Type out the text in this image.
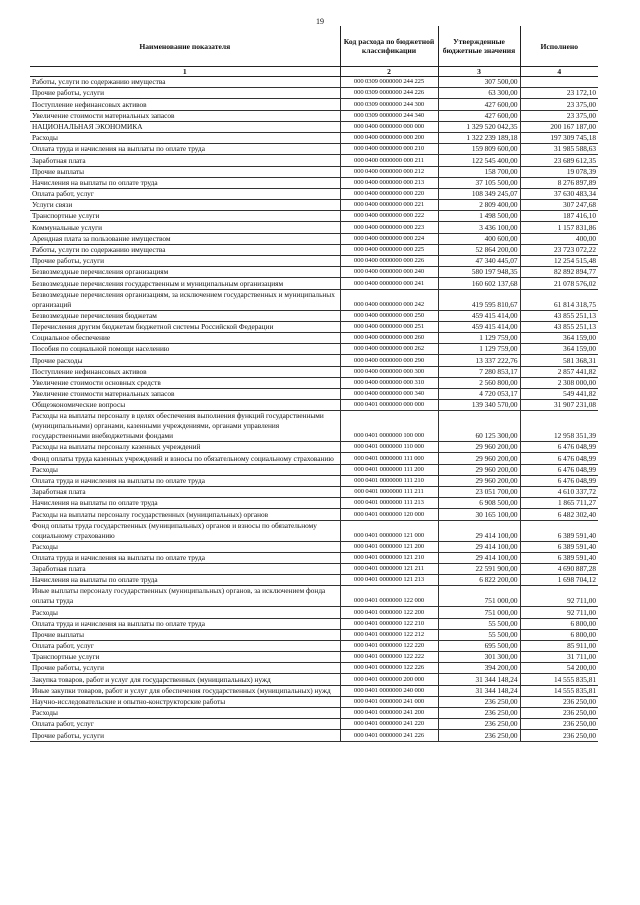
19
Наименование показателя	Код расхода по бюджетной классификации	Утвержденные бюджетные значения	Исполнено
1	2	3	4
Работы, услуги по содержанию имущества	000 0309 0000000 244 225	307 500,00	
Прочие работы, услуги	000 0309 0000000 244 226	63 300,00	23 172,10
Поступление нефинансовых активов	000 0309 0000000 244 300	427 600,00	23 375,00
Увеличение стоимости материальных запасов	000 0309 0000000 244 340	427 600,00	23 375,00
НАЦИОНАЛЬНАЯ ЭКОНОМИКА	000 0400 0000000 000 000	1 329 520 042,35	200 167 187,00
Расходы	000 0400 0000000 000 200	1 322 239 189,18	197 309 745,18
Оплата труда и начисления на выплаты по оплате труда	000 0400 0000000 000 210	159 809 600,00	31 985 588,63
Заработная плата	000 0400 0000000 000 211	122 545 400,00	23 689 612,35
Прочие выплаты	000 0400 0000000 000 212	158 700,00	19 078,39
Начисления на выплаты по оплате труда	000 0400 0000000 000 213	37 105 500,00	8 276 897,89
Оплата работ, услуг	000 0400 0000000 000 220	108 349 245,07	37 630 483,34
Услуги связи	000 0400 0000000 000 221	2 809 400,00	307 247,68
Транспортные услуги	000 0400 0000000 000 222	1 498 500,00	187 416,10
Коммунальные услуги	000 0400 0000000 000 223	3 436 100,00	1 157 831,86
Арендная плата за пользование имуществом	000 0400 0000000 000 224	400 600,00	400,00
Работы, услуги по содержанию имущества	000 0400 0000000 000 225	52 864 200,00	23 723 072,22
Прочие работы, услуги	000 0400 0000000 000 226	47 340 445,07	12 254 515,48
Безвозмездные перечисления организациям	000 0400 0000000 000 240	580 197 948,35	82 892 894,77
Безвозмездные перечисления государственным и муниципальным организациям	000 0400 0000000 000 241	160 602 137,68	21 078 576,02
Безвозмездные перечисления организациям, за исключением государственных и муниципальных организаций	000 0400 0000000 000 242	419 595 810,67	61 814 318,75
Безвозмездные перечисления бюджетам	000 0400 0000000 000 250	459 415 414,00	43 855 251,13
Перечисления другим бюджетам бюджетной системы Российской Федерации	000 0400 0000000 000 251	459 415 414,00	43 855 251,13
Социальное обеспечение	000 0400 0000000 000 260	1 129 759,00	364 159,00
Пособия по социальной помощи населению	000 0400 0000000 000 262	1 129 759,00	364 159,00
Прочие расходы	000 0400 0000000 000 290	13 337 222,76	581 368,31
Поступление нефинансовых активов	000 0400 0000000 000 300	7 280 853,17	2 857 441,82
Увеличение стоимости основных средств	000 0400 0000000 000 310	2 560 800,00	2 308 000,00
Увеличение стоимости материальных запасов	000 0400 0000000 000 340	4 720 053,17	549 441,82
Общеэкономические вопросы	000 0401 0000000 000 000	139 340 570,00	31 907 231,08
Расходы на выплаты персоналу в целях обеспечения выполнения функций государственными (муниципальными) органами, казенными учреждениями, органами управления государственными внебюджетными фондами	000 0401 0000000 100 000	60 125 300,00	12 958 351,39
Расходы на выплаты персоналу казенных учреждений	000 0401 0000000 110 000	29 960 200,00	6 476 048,99
Фонд оплаты труда казенных учреждений и взносы по обязательному социальному страхованию	000 0401 0000000 111 000	29 960 200,00	6 476 048,99
Расходы	000 0401 0000000 111 200	29 960 200,00	6 476 048,99
Оплата труда и начисления на выплаты по оплате труда	000 0401 0000000 111 210	29 960 200,00	6 476 048,99
Заработная плата	000 0401 0000000 111 211	23 051 700,00	4 610 337,72
Начисления на выплаты по оплате труда	000 0401 0000000 111 213	6 908 500,00	1 865 711,27
Расходы на выплаты персоналу государственных (муниципальных) органов	000 0401 0000000 120 000	30 165 100,00	6 482 302,40
Фонд оплаты труда государственных (муниципальных) органов и взносы по обязательному социальному страхованию	000 0401 0000000 121 000	29 414 100,00	6 389 591,40
Расходы	000 0401 0000000 121 200	29 414 100,00	6 389 591,40
Оплата труда и начисления на выплаты по оплате труда	000 0401 0000000 121 210	29 414 100,00	6 389 591,40
Заработная плата	000 0401 0000000 121 211	22 591 900,00	4 690 887,28
Начисления на выплаты по оплате труда	000 0401 0000000 121 213	6 822 200,00	1 698 704,12
Иные выплаты персоналу государственных (муниципальных) органов, за исключением фонда оплаты труда	000 0401 0000000 122 000	751 000,00	92 711,00
Расходы	000 0401 0000000 122 200	751 000,00	92 711,00
Оплата труда и начисления на выплаты по оплате труда	000 0401 0000000 122 210	55 500,00	6 800,00
Прочие выплаты	000 0401 0000000 122 212	55 500,00	6 800,00
Оплата работ, услуг	000 0401 0000000 122 220	695 500,00	85 911,00
Транспортные услуги	000 0401 0000000 122 222	301 300,00	31 711,00
Прочие работы, услуги	000 0401 0000000 122 226	394 200,00	54 200,00
Закупка товаров, работ и услуг для государственных (муниципальных) нужд	000 0401 0000000 200 000	31 344 148,24	14 555 835,81
Иные закупки товаров, работ и услуг для обеспечения государственных (муниципальных) нужд	000 0401 0000000 240 000	31 344 148,24	14 555 835,81
Научно-исследовательские и опытно-конструкторские работы	000 0401 0000000 241 000	236 250,00	236 250,00
Расходы	000 0401 0000000 241 200	236 250,00	236 250,00
Оплата работ, услуг	000 0401 0000000 241 220	236 250,00	236 250,00
Прочие работы, услуги	000 0401 0000000 241 226	236 250,00	236 250,00
